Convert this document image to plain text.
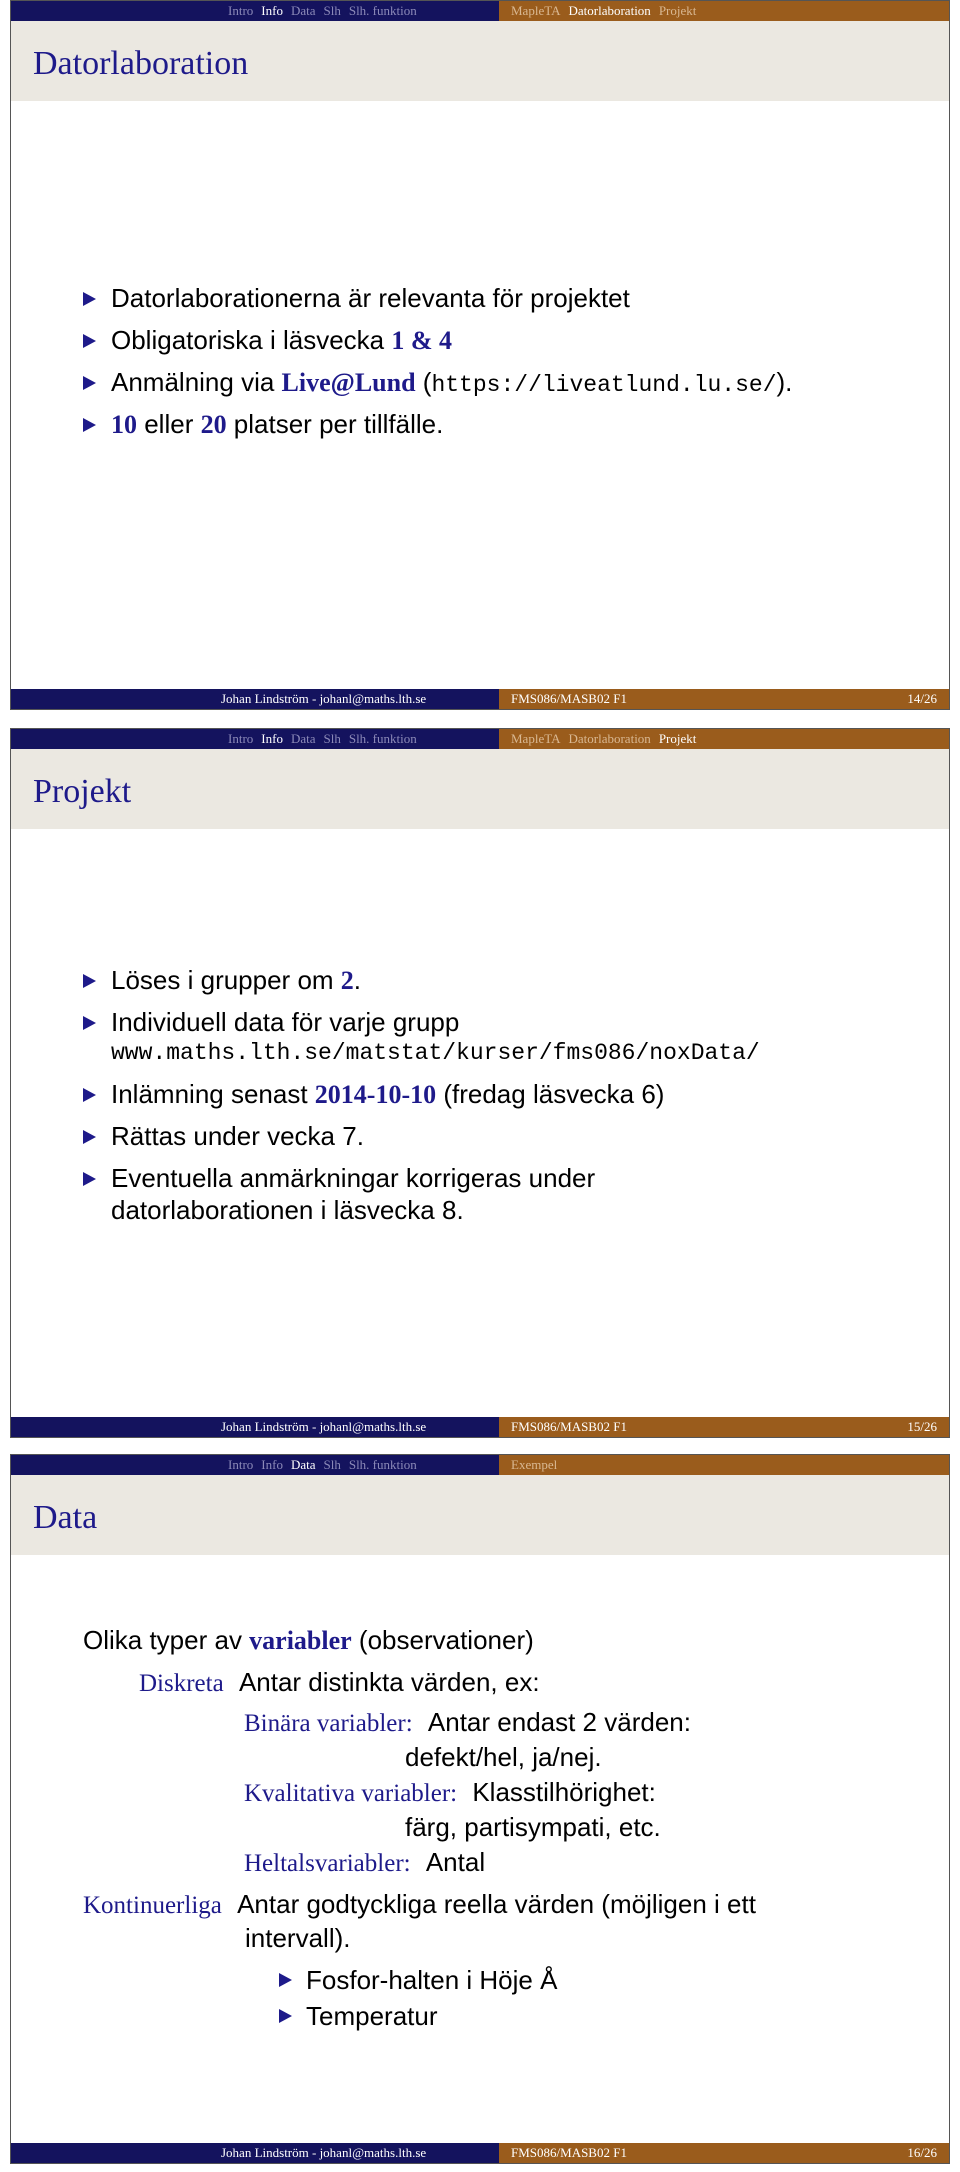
Intro Info Data Slh Slh. funktion	MapleTA Datorlaboration Projekt
Datorlaboration
Datorlaborationerna är relevanta för projektet
Obligatoriska i läsvecka 1 & 4
Anmälning via Live@Lund (https://liveatlund.lu.se/).
10 eller 20 platser per tillfälle.
Johan Lindström - johanl@maths.lth.se	FMS086/MASB02 F1	14/26
Intro Info Data Slh Slh. funktion	MapleTA Datorlaboration Projekt
Projekt
Löses i grupper om 2.
Individuell data för varje grupp
www.maths.lth.se/matstat/kurser/fms086/noxData/
Inlämning senast 2014-10-10 (fredag läsvecka 6)
Rättas under vecka 7.
Eventuella anmärkningar korrigeras under
datorlaborationen i läsvecka 8.
Johan Lindström - johanl@maths.lth.se	FMS086/MASB02 F1	15/26
Intro Info Data Slh Slh. funktion	Exempel
Data
Olika typer av variabler (observationer)
Diskreta Antar distinkta värden, ex:
Binära variabler: Antar endast 2 värden:
defekt/hel, ja/nej.
Kvalitativa variabler: Klasstilhörighet:
färg, partisympati, etc.
Heltalsvariabler: Antal
Kontinuerliga Antar godtyckliga reella värden (möjligen i ett
intervall).
Fosfor-halten i Höje Å
Temperatur
Johan Lindström - johanl@maths.lth.se	FMS086/MASB02 F1	16/26
